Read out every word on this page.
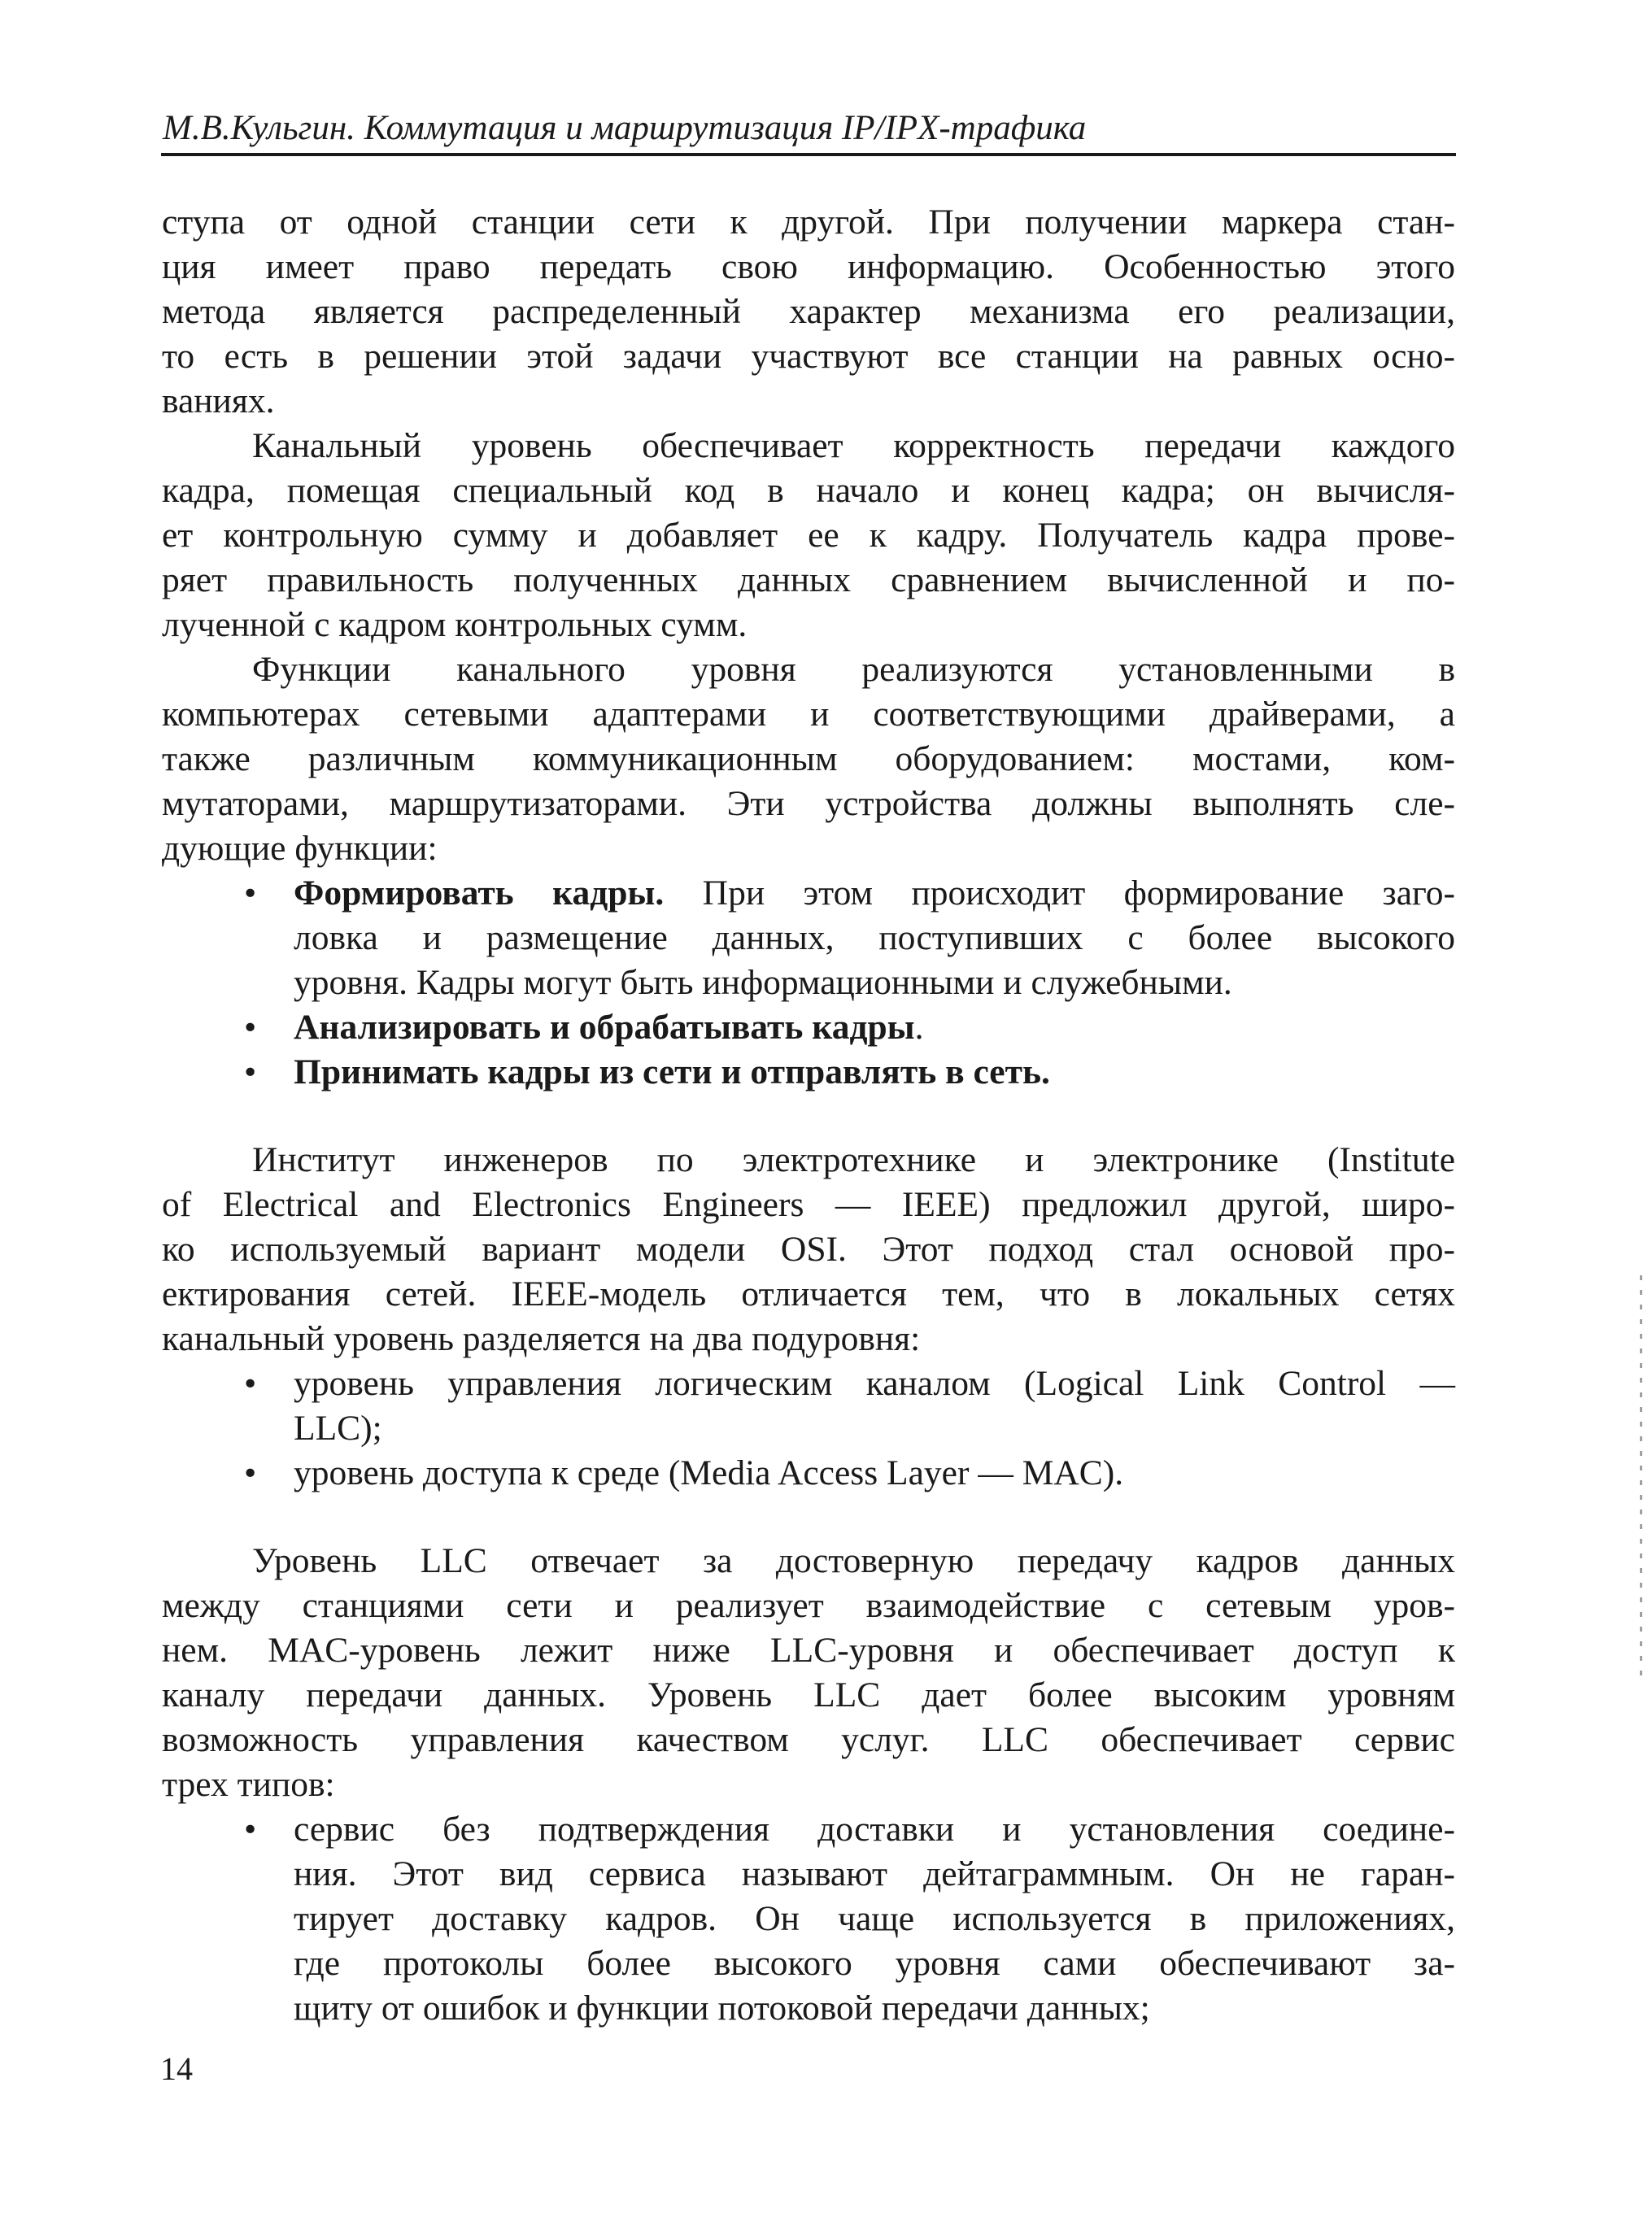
М.В.Кульгин. Коммутация и маршрутизация IP/IPX-трафика

ступа от одной станции сети к другой. При получении маркера стан-
ция имеет право передать свою информацию. Особенностью этого
метода является распределенный характер механизма его реализации,
то есть в решении этой задачи участвуют все станции на равных осно-
ваниях.

Канальный уровень обеспечивает корректность передачи каждого
кадра, помещая специальный код в начало и конец кадра; он вычисля-
ет контрольную сумму и добавляет ее к кадру. Получатель кадра прове-
ряет правильность полученных данных сравнением вычисленной и по-
лученной с кадром контрольных сумм.

Функции канального уровня реализуются установленными в
компьютерах сетевыми адаптерами и соответствующими драйверами, а
также различным коммуникационным оборудованием: мостами, ком-
мутаторами, маршрутизаторами. Эти устройства должны выполнять сле-
дующие функции:

• Формировать кадры. При этом происходит формирование заго-
ловка и размещение данных, поступивших с более высокого
уровня. Кадры могут быть информационными и служебными.
• Анализировать и обрабатывать кадры.
• Принимать кадры из сети и отправлять в сеть.

Институт инженеров по электротехнике и электронике (Institute
of Electrical and Electronics Engineers — IEEE) предложил другой, широ-
ко используемый вариант модели OSI. Этот подход стал основой про-
ектирования сетей. IEEE-модель отличается тем, что в локальных сетях
канальный уровень разделяется на два подуровня:

• уровень управления логическим каналом (Logical Link Control —
LLC);
• уровень доступа к среде (Media Access Layer — MAC).

Уровень LLC отвечает за достоверную передачу кадров данных
между станциями сети и реализует взаимодействие с сетевым уров-
нем. MAC-уровень лежит ниже LLC-уровня и обеспечивает доступ к
каналу передачи данных. Уровень LLC дает более высоким уровням
возможность управления качеством услуг. LLC обеспечивает сервис
трех типов:

• сервис без подтверждения доставки и установления соедине-
ния. Этот вид сервиса называют дейтаграммным. Он не гаран-
тирует доставку кадров. Он чаще используется в приложениях,
где протоколы более высокого уровня сами обеспечивают за-
щиту от ошибок и функции потоковой передачи данных;
14
